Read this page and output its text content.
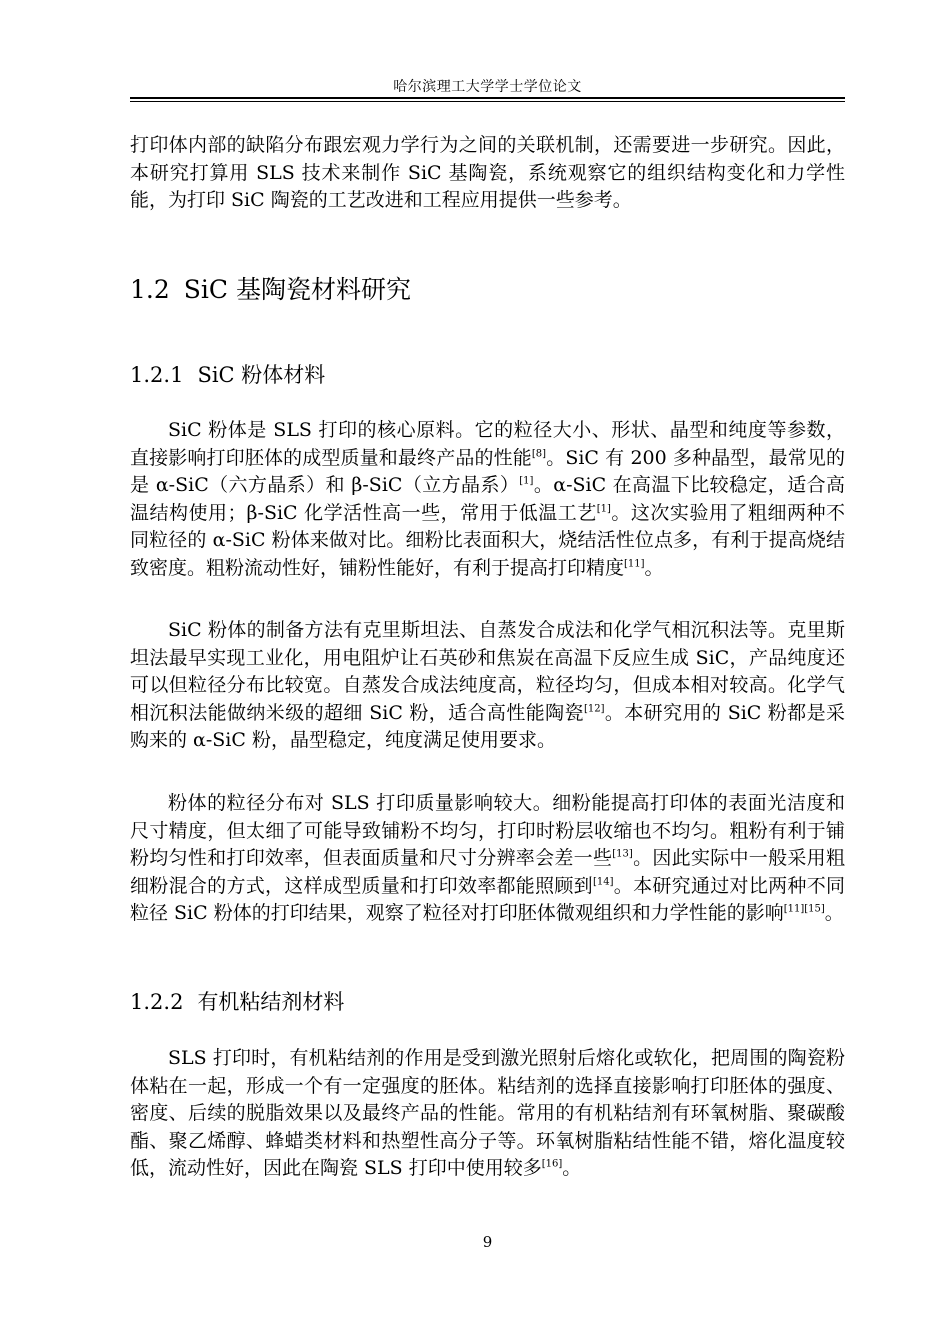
哈尔滨理工大学学士学位论文

打印体内部的缺陷分布跟宏观力学行为之间的关联机制，还需要进一步研究。因此，本研究打算用 SLS 技术来制作 SiC 基陶瓷，系统观察它的组织结构变化和力学性能，为打印 SiC 陶瓷的工艺改进和工程应用提供一些参考。

1.2 SiC 基陶瓷材料研究
1.2.1 SiC 粉体材料

SiC 粉体是 SLS 打印的核心原料。它的粒径大小、形状、晶型和纯度等参数，直接影响打印胚体的成型质量和最终产品的性能[8]。SiC 有 200 多种晶型，最常见的是 α-SiC（六方晶系）和 β-SiC（立方晶系）[1]。α-SiC 在高温下比较稳定，适合高温结构使用；β-SiC 化学活性高一些，常用于低温工艺[1]。这次实验用了粗细两种不同粒径的 α-SiC 粉体来做对比。细粉比表面积大，烧结活性位点多，有利于提高烧结致密度。粗粉流动性好，铺粉性能好，有利于提高打印精度[11]。

SiC 粉体的制备方法有克里斯坦法、自蒸发合成法和化学气相沉积法等。克里斯坦法最早实现工业化，用电阻炉让石英砂和焦炭在高温下反应生成 SiC，产品纯度还可以但粒径分布比较宽。自蒸发合成法纯度高，粒径均匀，但成本相对较高。化学气相沉积法能做纳米级的超细 SiC 粉，适合高性能陶瓷[12]。本研究用的 SiC 粉都是采购来的 α-SiC 粉，晶型稳定，纯度满足使用要求。

粉体的粒径分布对 SLS 打印质量影响较大。细粉能提高打印体的表面光洁度和尺寸精度，但太细了可能导致铺粉不均匀，打印时粉层收缩也不均匀。粗粉有利于铺粉均匀性和打印效率，但表面质量和尺寸分辨率会差一些[13]。因此实际中一般采用粗细粉混合的方式，这样成型质量和打印效率都能照顾到[14]。本研究通过对比两种不同粒径 SiC 粉体的打印结果，观察了粒径对打印胚体微观组织和力学性能的影响[11][15]。

1.2.2 有机粘结剂材料

SLS 打印时，有机粘结剂的作用是受到激光照射后熔化或软化，把周围的陶瓷粉体粘在一起，形成一个有一定强度的胚体。粘结剂的选择直接影响打印胚体的强度、密度、后续的脱脂效果以及最终产品的性能。常用的有机粘结剂有环氧树脂、聚碳酸酯、聚乙烯醇、蜂蜡类材料和热塑性高分子等。环氧树脂粘结性能不错，熔化温度较低，流动性好，因此在陶瓷 SLS 打印中使用较多[16]。

9
